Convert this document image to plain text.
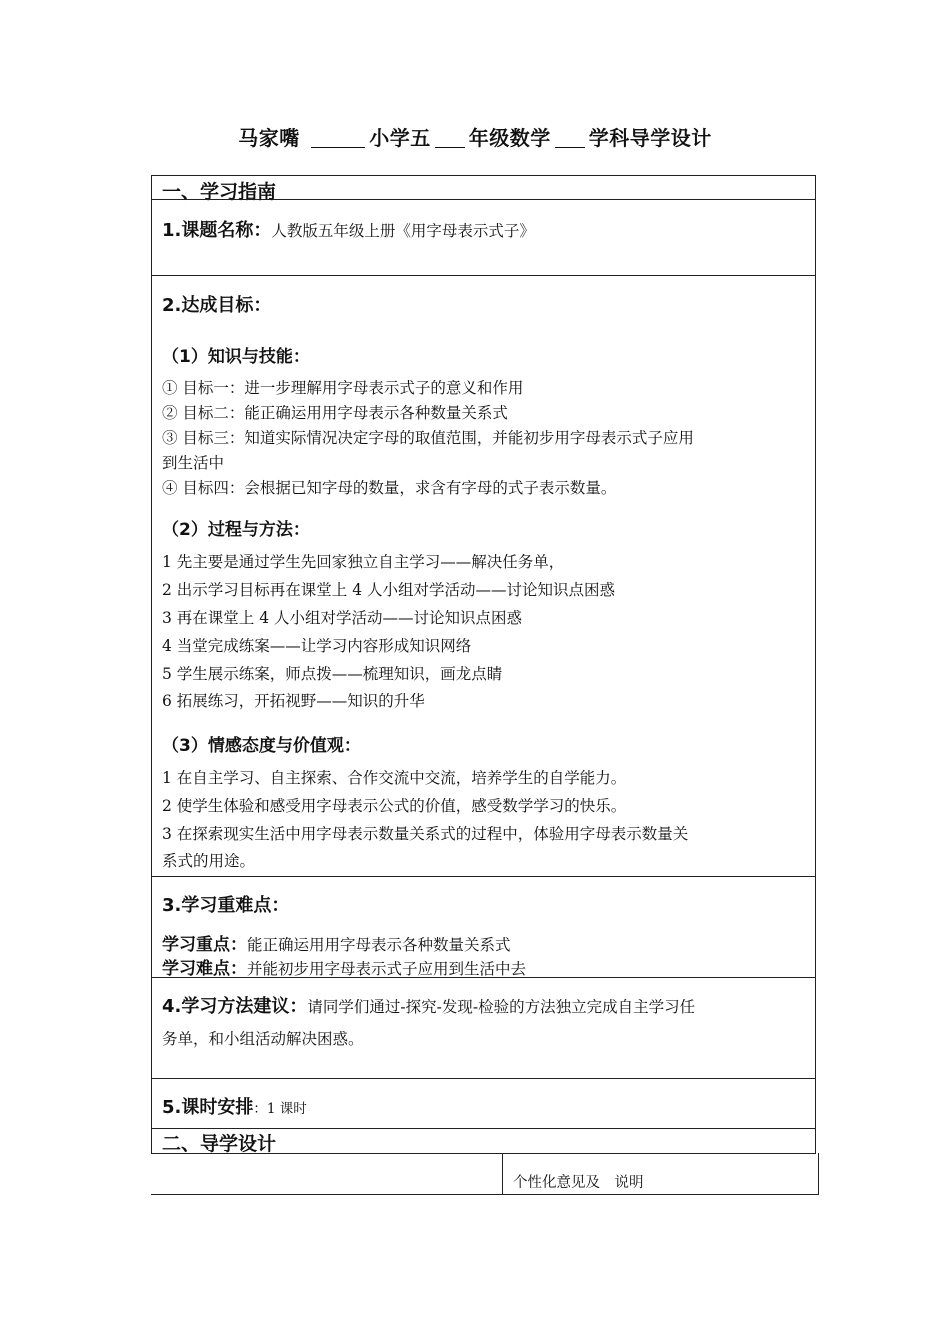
马家嘴	小学五 年级数学 学科导学设计
一、学习指南
1.课题名称：人教版五年级上册《用字母表示式子》
2.达成目标：
（1）知识与技能：
① 目标一：进一步理解用字母表示式子的意义和作用
② 目标二：能正确运用用字母表示各种数量关系式
③ 目标三：知道实际情况决定字母的取值范围，并能初步用字母表示式子应用
到生活中
④ 目标四：会根据已知字母的数量，求含有字母的式子表示数量。
（2）过程与方法：
1 先主要是通过学生先回家独立自主学习——解决任务单，
2 出示学习目标再在课堂上 4 人小组对学活动——讨论知识点困惑
3 再在课堂上 4 人小组对学活动——讨论知识点困惑
4 当堂完成练案——让学习内容形成知识网络
5 学生展示练案，师点拨——梳理知识，画龙点睛
6 拓展练习，开拓视野——知识的升华
（3）情感态度与价值观：
1 在自主学习、自主探索、合作交流中交流，培养学生的自学能力。
2 使学生体验和感受用字母表示公式的价值，感受数学学习的快乐。
3 在探索现实生活中用字母表示数量关系式的过程中，体验用字母表示数量关
系式的用途。
3.学习重难点：
学习重点：能正确运用用字母表示各种数量关系式
学习难点：并能初步用字母表示式子应用到生活中去
4.学习方法建议：请同学们通过-探究-发现-检验的方法独立完成自主学习任
务单，和小组活动解决困惑。
5.课时安排：1 课时
二、导学设计
个性化意见及　说明
